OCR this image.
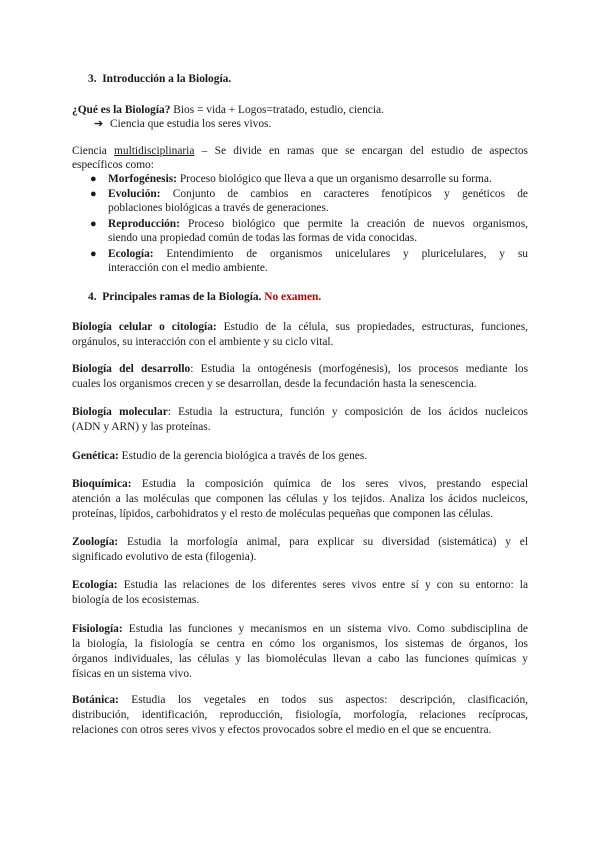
3. Introducción a la Biología.
¿Qué es la Biología? Bios = vida + Logos=tratado, estudio, ciencia.
➔ Ciencia que estudia los seres vivos.
Ciencia multidisciplinaria – Se divide en ramas que se encargan del estudio de aspectos
específicos como:
● Morfogénesis: Proceso biológico que lleva a que un organismo desarrolle su forma.
● Evolución: Conjunto de cambios en caracteres fenotípicos y genéticos de
poblaciones biológicas a través de generaciones.
● Reproducción: Proceso biológico que permite la creación de nuevos organismos,
siendo una propiedad común de todas las formas de vida conocidas.
● Ecología: Entendimiento de organismos unicelulares y pluricelulares, y su
interacción con el medio ambiente.
4. Principales ramas de la Biología. No examen.
Biología celular o citología: Estudio de la célula, sus propiedades, estructuras, funciones,
orgánulos, su interacción con el ambiente y su ciclo vital.
Biología del desarrollo: Estudia la ontogénesis (morfogénesis), los procesos mediante los
cuales los organismos crecen y se desarrollan, desde la fecundación hasta la senescencia.
Biología molecular: Estudia la estructura, función y composición de los ácidos nucleicos
(ADN y ARN) y las proteínas.
Genética: Estudio de la gerencia biológica a través de los genes.
Bioquímica: Estudia la composición química de los seres vivos, prestando especial
atención a las moléculas que componen las células y los tejidos. Analiza los ácidos nucleicos,
proteínas, lípidos, carbohidratos y el resto de moléculas pequeñas que componen las células.
Zoología: Estudia la morfología animal, para explicar su diversidad (sistemática) y el
significado evolutivo de esta (filogenia).
Ecología: Estudia las relaciones de los diferentes seres vivos entre sí y con su entorno: la
biología de los ecosistemas.
Fisiología: Estudia las funciones y mecanismos en un sistema vivo. Como subdisciplina de
la biología, la fisiología se centra en cómo los organismos, los sistemas de órganos, los
órganos individuales, las células y las biomoléculas llevan a cabo las funciones químicas y
físicas en un sistema vivo.
Botánica: Estudia los vegetales en todos sus aspectos: descripción, clasificación,
distribución, identificación, reproducción, fisiología, morfología, relaciones recíprocas,
relaciones con otros seres vivos y efectos provocados sobre el medio en el que se encuentra.
